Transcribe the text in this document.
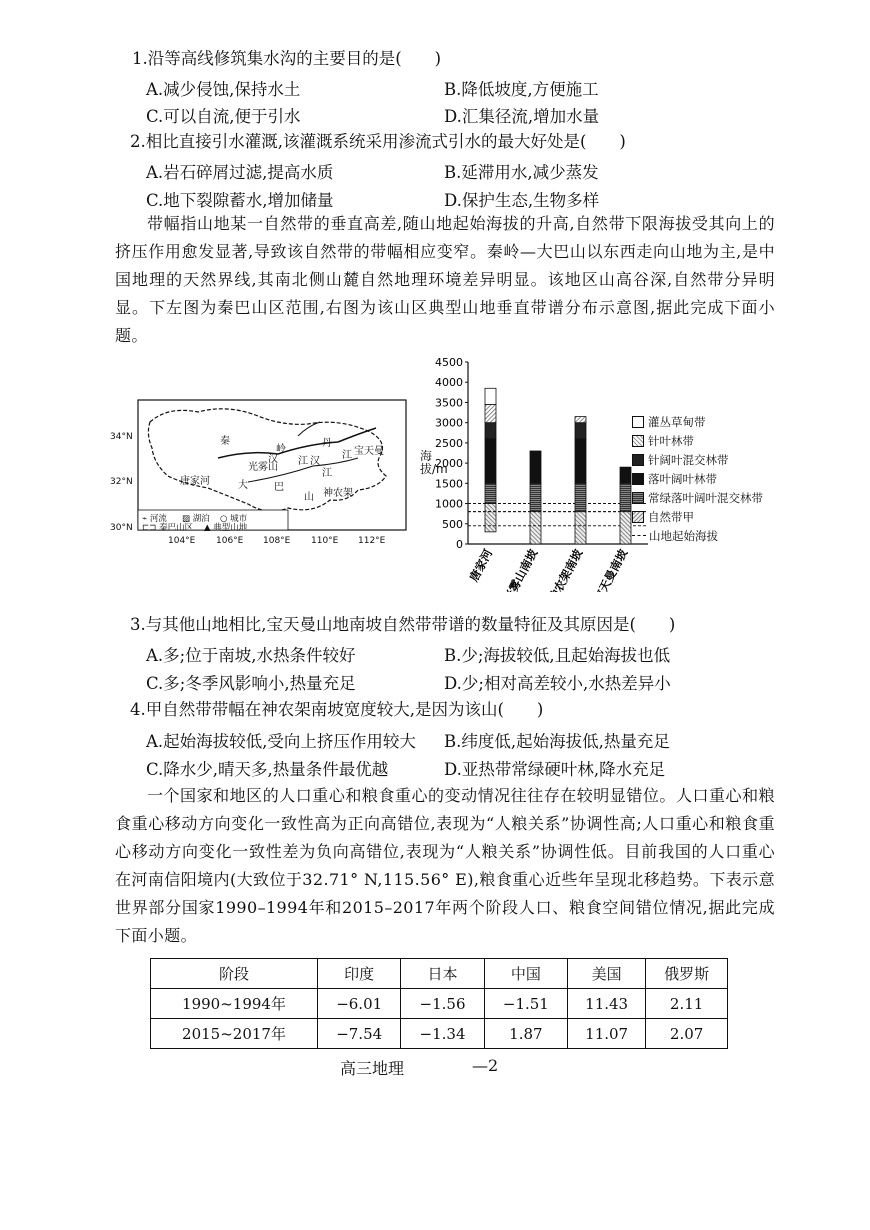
1.沿等高线修筑集水沟的主要目的是(　　)
A.减少侵蚀,保持水土	B.降低坡度,方便施工
C.可以自流,便于引水	D.汇集径流,增加水量
2.相比直接引水灌溉,该灌溉系统采用渗流式引水的最大好处是(　　)
A.岩石碎屑过滤,提高水质	B.延滞用水,减少蒸发
C.地下裂隙蓄水,增加储量	D.保护生态,生物多样
带幅指山地某一自然带的垂直高差,随山地起始海拔的升高,自然带下限海拔受其向上的挤压作用愈发显著,导致该自然带的带幅相应变窄。秦岭—大巴山以东西走向山地为主,是中国地理的天然界线,其南北侧山麓自然地理环境差异明显。该地区山高谷深,自然带分异明显。下左图为秦巴山区范围,右图为该山区典型山地垂直带谱分布示意图,据此完成下面小题。
34°N
32°N
30°N
104°E 106°E 108°E 110°E 112°E
秦
岭
汉
丹
江 宝天曼
唐家河
光雾山
大	巴
山
江
神农架
汉
江
⌁ 河流 ▨ 湖泊 ○ 城市
⊏⊐ 秦巴山区 ▲ 典型山地
0
500
1000
1500
2000
2500
3000
3500
4000
4500
唐家河 光雾山南坡 神农架南坡 宝天曼南坡
海拔/m
灌丛草甸带
针叶林带
针阔叶混交林带
落叶阔叶林带
常绿落叶阔叶混交林带
自然带甲
山地起始海拔
3.与其他山地相比,宝天曼山地南坡自然带带谱的数量特征及其原因是(　　)
A.多;位于南坡,水热条件较好	B.少;海拔较低,且起始海拔也低
C.多;冬季风影响小,热量充足	D.少;相对高差较小,水热差异小
4.甲自然带带幅在神农架南坡宽度较大,是因为该山(　　)
A.起始海拔较低,受向上挤压作用较大 B.纬度低,起始海拔低,热量充足
C.降水少,晴天多,热量条件最优越	D.亚热带常绿硬叶林,降水充足
一个国家和地区的人口重心和粮食重心的变动情况往往存在较明显错位。人口重心和粮食重心移动方向变化一致性高为正向高错位,表现为“人粮关系”协调性高;人口重心和粮食重心移动方向变化一致性差为负向高错位,表现为“人粮关系”协调性低。目前我国的人口重心在河南信阳境内(大致位于32.71° N,115.56° E),粮食重心近些年呈现北移趋势。下表示意世界部分国家1990–1994年和2015–2017年两个阶段人口、粮食空间错位情况,据此完成下面小题。
阶段	印度	日本	中国	美国	俄罗斯
1990~1994年	−6.01	−1.56	−1.51	11.43	2.11
2015~2017年	−7.54	−1.34	1.87	11.07	2.07
高三地理	—2
